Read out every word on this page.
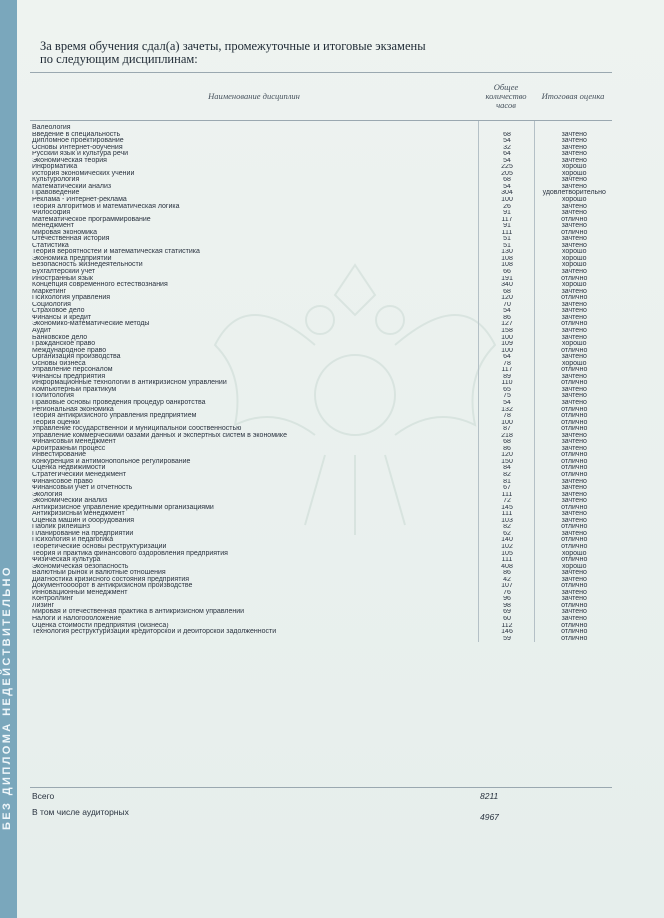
БЕЗ ДИПЛОМА НЕДЕЙСТВИТЕЛЬНО
За время обучения сдал(а) зачеты, промежуточные и итоговые экзамены
по следующим дисциплинам:
Наименование дисциплин	Общее количество часов	Итоговая оценка
Валеология		
Введение в специальность	68	зачтено
Дипломное проектирование	54	зачтено
Основы Интернет-обучения	32	зачтено
Русский язык и культура речи	64	зачтено
Экономическая теория	54	зачтено
Информатика	225	хорошо
История экономических учений	205	хорошо
Культурология	68	зачтено
Математический анализ	54	зачтено
Правоведение	304	удовлетворительно
Реклама - Интернет-реклама	100	хорошо
Теория алгоритмов и математическая логика	26	зачтено
Философия	91	зачтено
Математическое программирование	117	отлично
Менеджмент	91	зачтено
Мировая экономика	111	отлично
Отечественная история	51	зачтено
Статистика	51	зачтено
Теория вероятностей и математическая статистика	130	хорошо
Экономика предприятий	108	хорошо
Безопасность жизнедеятельности	108	хорошо
Бухгалтерский учет	66	зачтено
Иностранный язык	191	отлично
Концепция современного естествознания	340	хорошо
Маркетинг	68	зачтено
Психология управления	120	отлично
Социология	70	зачтено
Страховое дело	54	зачтено
Финансы и кредит	86	зачтено
Экономико-математические методы	127	отлично
Аудит	158	зачтено
Банковское дело	100	зачтено
Гражданское право	109	хорошо
Международное право	100	отлично
Организация производства	64	зачтено
Основы бизнеса	78	хорошо
Управление персоналом	117	отлично
Финансы предприятия	89	зачтено
Информационные технологии в антикризисном управлении	110	отлично
Компьютерный практикум	65	зачтено
Политология	75	зачтено
Правовые основы проведения процедур банкротства	54	зачтено
Региональная экономика	132	отлично
Теория антикризисного управления предприятием	78	отлично
Теория оценки	100	отлично
Управление государственной и муниципальной собственностью	87	отлично
Управление коммерческими базами данных и экспертных систем в экономике	218	зачтено
Финансовый менеджмент	68	зачтено
Арбитражный процесс	86	зачтено
Инвестирование	120	отлично
Конкуренция и антимонопольное регулирование	150	отлично
Оценка недвижимости	84	отлично
Стратегический менеджмент	82	отлично
Финансовое право	81	зачтено
Финансовый учет и отчетность	67	зачтено
Экология	111	зачтено
Экономический анализ	72	зачтено
Антикризисное управление кредитными организациями	145	отлично
Антикризисный менеджмент	111	зачтено
Оценка машин и оборудования	103	зачтено
Паблик рилейшнз	82	отлично
Планирование на предприятии	62	зачтено
Психология и педагогика	140	отлично
Теоретические основы реструктуризации	102	отлично
Теория и практика финансового оздоровления предприятия	105	хорошо
Физическая культура	111	отлично
Экономическая безопасность	408	хорошо
Валютный рынок и валютные отношения	86	зачтено
Диагностика кризисного состояния предприятия	42	зачтено
Документооборот в антикризисном производстве	107	отлично
Инновационный менеджмент	76	зачтено
Контроллинг	96	зачтено
Лизинг	98	отлично
Мировая и отечественная практика в антикризисном управлении	69	зачтено
Налоги и налогообложение	60	зачтено
Оценка стоимости предприятия (бизнеса)	112	отлично
Технология реструктуризации кредиторской и дебиторской задолженности	146	отлично
	59	отлично
Всего	8211
В том числе аудиторных	4967
